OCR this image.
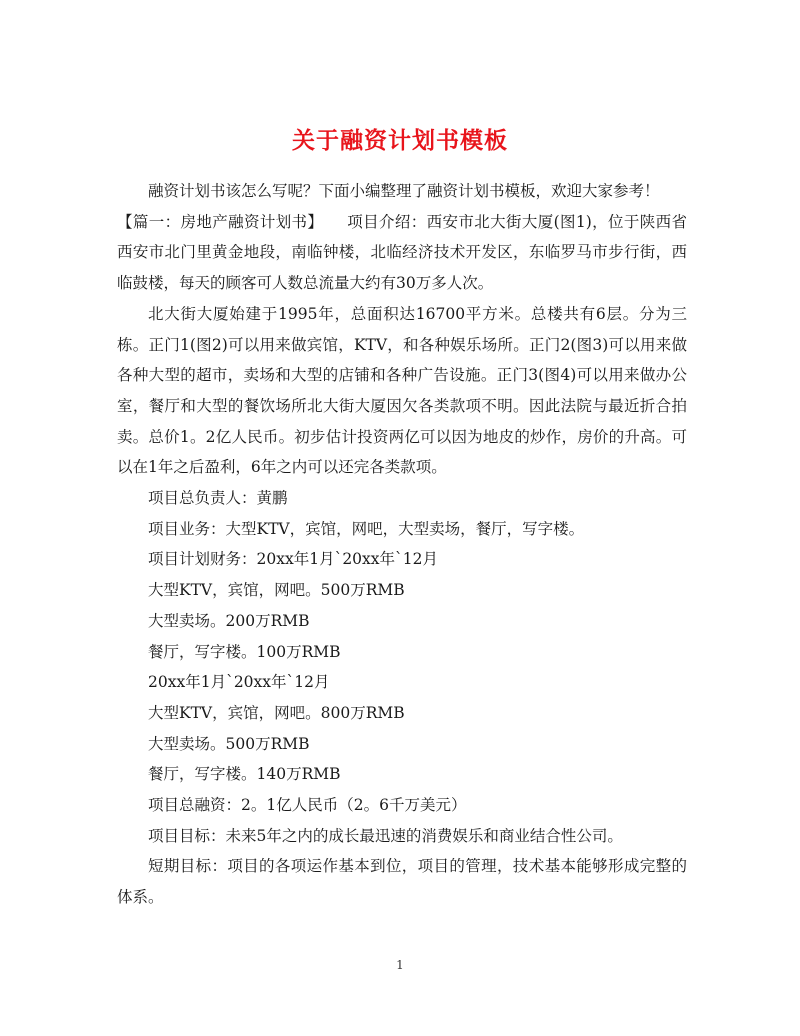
关于融资计划书模板

融资计划书该怎么写呢？下面小编整理了融资计划书模板，欢迎大家参考！

【篇一：房地产融资计划书】　　项目介绍：西安市北大街大厦(图1)，位于陕西省西安市北门里黄金地段，南临钟楼，北临经济技术开发区，东临罗马市步行街，西临鼓楼，每天的顾客可人数总流量大约有30万多人次。

北大街大厦始建于1995年，总面积达16700平方米。总楼共有6层。分为三栋。正门1(图2)可以用来做宾馆，KTV，和各种娱乐场所。正门2(图3)可以用来做各种大型的超市，卖场和大型的店铺和各种广告设施。正门3(图4)可以用来做办公室，餐厅和大型的餐饮场所北大街大厦因欠各类款项不明。因此法院与最近折合拍卖。总价1。2亿人民币。初步估计投资两亿可以因为地皮的炒作，房价的升高。可以在1年之后盈利，6年之内可以还完各类款项。

项目总负责人：黄鹏

项目业务：大型KTV，宾馆，网吧，大型卖场，餐厅，写字楼。

项目计划财务：20xx年1月`20xx年`12月

大型KTV，宾馆，网吧。500万RMB

大型卖场。200万RMB

餐厅，写字楼。100万RMB

20xx年1月`20xx年`12月

大型KTV，宾馆，网吧。800万RMB

大型卖场。500万RMB

餐厅，写字楼。140万RMB

项目总融资：2。1亿人民币（2。6千万美元）

项目目标：未来5年之内的成长最迅速的消费娱乐和商业结合性公司。

短期目标：项目的各项运作基本到位，项目的管理，技术基本能够形成完整的体系。

1
